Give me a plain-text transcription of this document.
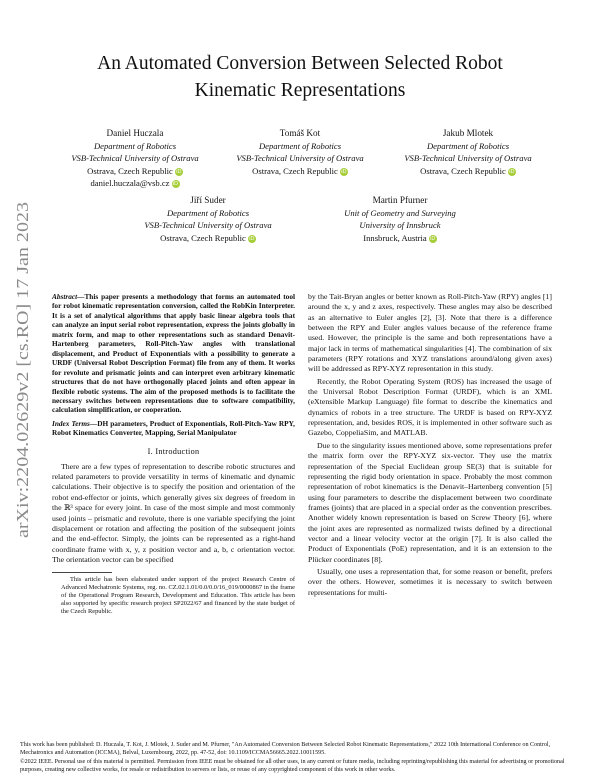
arXiv:2204.02629v2 [cs.RO] 17 Jan 2023
An Automated Conversion Between Selected Robot
Kinematic Representations
Daniel Huczala
Department of Robotics
VSB-Technical University of Ostrava
Ostrava, Czech Republic iD
daniel.huczala@vsb.cz iD
Tomáš Kot
Department of Robotics
VSB-Technical University of Ostrava
Ostrava, Czech Republic iD
Jakub Mlotek
Department of Robotics
VSB-Technical University of Ostrava
Ostrava, Czech Republic iD
Jiří Suder
Department of Robotics
VSB-Technical University of Ostrava
Ostrava, Czech Republic iD
Martin Pfurner
Unit of Geometry and Surveying
University of Innsbruck
Innsbruck, Austria iD

Abstract—This paper presents a methodology that forms an automated tool for robot kinematic representation conversion, called the RobKin Interpreter. It is a set of analytical algorithms that apply basic linear algebra tools that can analyze an input serial robot representation, express the joints globally in matrix form, and map to other representations such as standard Denavit-Hartenberg parameters, Roll-Pitch-Yaw angles with translational displacement, and Product of Exponentials with a possibility to generate a URDF (Universal Robot Description Format) file from any of them. It works for revolute and prismatic joints and can interpret even arbitrary kinematic structures that do not have orthogonally placed joints and often appear in flexible robotic systems. The aim of the proposed methods is to facilitate the necessary switches between representations due to software compatibility, calculation simplification, or cooperation.

Index Terms—DH parameters, Product of Exponentials, Roll-Pitch-Yaw RPY, Robot Kinematics Converter, Mapping, Serial Manipulator

I. Introduction

There are a few types of representation to describe robotic structures and related parameters to provide versatility in terms of kinematic and dynamic calculations. Their objective is to specify the position and orientation of the robot end-effector or joints, which generally gives six degrees of freedom in the ℝ³ space for every joint. In case of the most simple and most commonly used joints – prismatic and revolute, there is one variable specifying the joint displacement or rotation and affecting the position of the subsequent joints and the end-effector. Simply, the joints can be represented as a right-hand coordinate frame with x, y, z position vector and a, b, c orientation vector. The orientation vector can be specified

This article has been elaborated under support of the project Research Centre of Advanced Mechatronic Systems, reg. no. CZ.02.1.01/0.0/0.0/16_019/0000867 in the frame of the Operational Program Research, Development and Education. This article has been also supported by specific research project SP2022/67 and financed by the state budget of the Czech Republic.

by the Tait-Bryan angles or better known as Roll-Pitch-Yaw (RPY) angles [1] around the x, y and z axes, respectively. These angles may also be described as an alternative to Euler angles [2], [3]. Note that there is a difference between the RPY and Euler angles values because of the reference frame used. However, the principle is the same and both representations have a major lack in terms of mathematical singularities [4]. The combination of six parameters (RPY rotations and XYZ translations around/along given axes) will be addressed as RPY-XYZ representation in this study.

Recently, the Robot Operating System (ROS) has increased the usage of the Universal Robot Description Format (URDF), which is an XML (eXtensible Markup Language) file format to describe the kinematics and dynamics of robots in a tree structure. The URDF is based on RPY-XYZ representation, and, besides ROS, it is implemented in other software such as Gazebo, CoppeliaSim, and MATLAB.

Due to the singularity issues mentioned above, some representations prefer the matrix form over the RPY-XYZ six-vector. They use the matrix representation of the Special Euclidean group SE(3) that is suitable for representing the rigid body orientation in space. Probably the most common representation of robot kinematics is the Denavit–Hartenberg convention [5] using four parameters to describe the displacement between two coordinate frames (joints) that are placed in a special order as the convention prescribes. Another widely known representation is based on Screw Theory [6], where the joint axes are represented as normalized twists defined by a directional vector and a linear velocity vector at the origin [7]. It is also called the Product of Exponentials (PoE) representation, and it is an extension to the Plücker coordinates [8].

Usually, one uses a representation that, for some reason or benefit, prefers over the others. However, sometimes it is necessary to switch between representations for multi-

This work has been published: D. Huczala, T. Kot, J. Mlotek, J. Suder and M. Pfurner, "An Automated Conversion Between Selected Robot Kinematic Representations," 2022 10th International Conference on Control, Mechatronics and Automation (ICCMA), Belval, Luxembourg, 2022, pp. 47-52, doi: 10.1109/ICCMA56665.2022.10011595.
©2022 IEEE. Personal use of this material is permitted. Permission from IEEE must be obtained for all other uses, in any current or future media, including reprinting/republishing this material for advertising or promotional purposes, creating new collective works, for resale or redistribution to servers or lists, or reuse of any copyrighted component of this work in other works.
